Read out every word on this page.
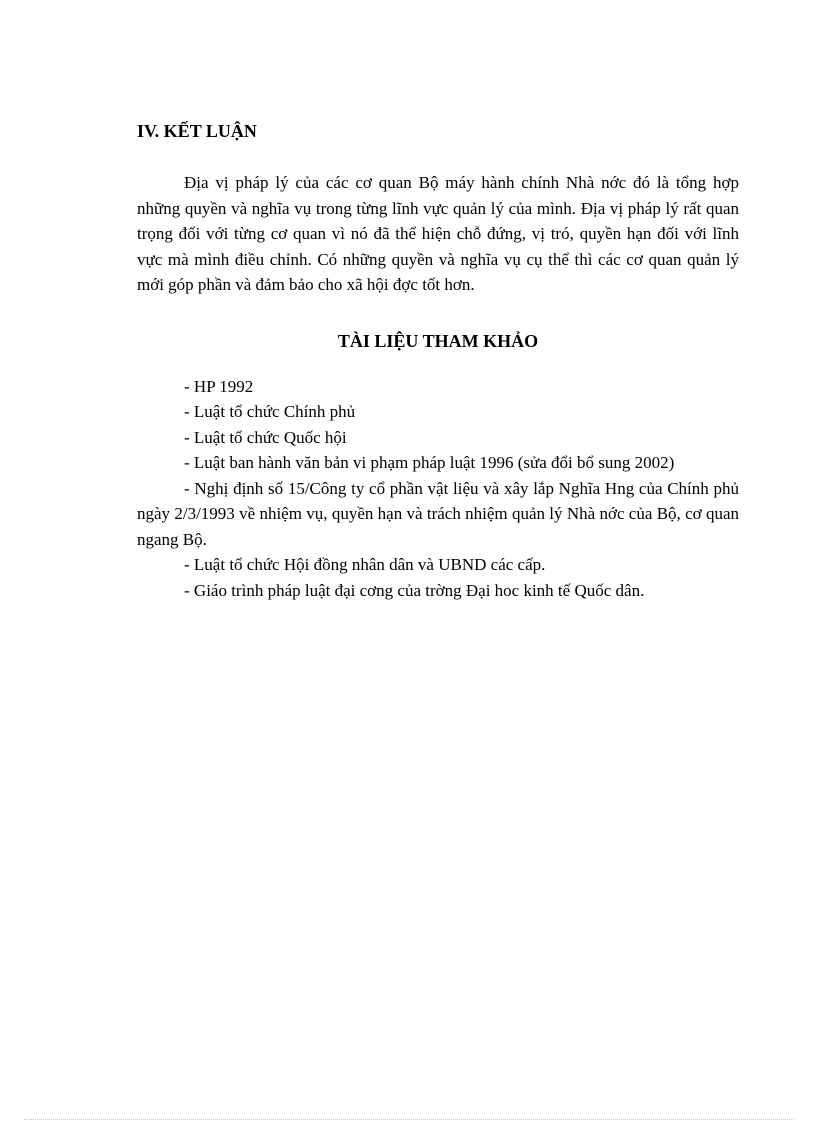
IV. KẾT LUẬN

Địa vị pháp lý của các cơ quan Bộ máy hành chính Nhà nớc đó là tổng hợp những quyền và nghĩa vụ trong từng lĩnh vực quản lý của mình. Địa vị pháp lý rất quan trọng đối với từng cơ quan vì nó đã thể hiện chỗ đứng, vị tró, quyền hạn đối với lĩnh vực mà mình điều chỉnh. Có những quyền và nghĩa vụ cụ thể thì các cơ quan quản lý mới góp phần và đảm bảo cho xã hội đợc tốt hơn.

TÀI LIỆU THAM KHẢO

- HP 1992

- Luật tổ chức Chính phủ

- Luật tổ chức Quốc hội

- Luật ban hành văn bản vi phạm pháp luật 1996 (sửa đổi bổ sung 2002)

- Nghị định số 15/Công ty cổ phần vật liệu và xây lắp Nghĩa Hng của Chính phủ ngày 2/3/1993 về nhiệm vụ, quyền hạn và trách nhiệm quản lý Nhà nớc của Bộ, cơ quan ngang Bộ.

- Luật tổ chức Hội đồng nhân dân và UBND các cấp.

- Giáo trình pháp luật đại cơng của trờng Đại hoc kinh tế Quốc dân.
